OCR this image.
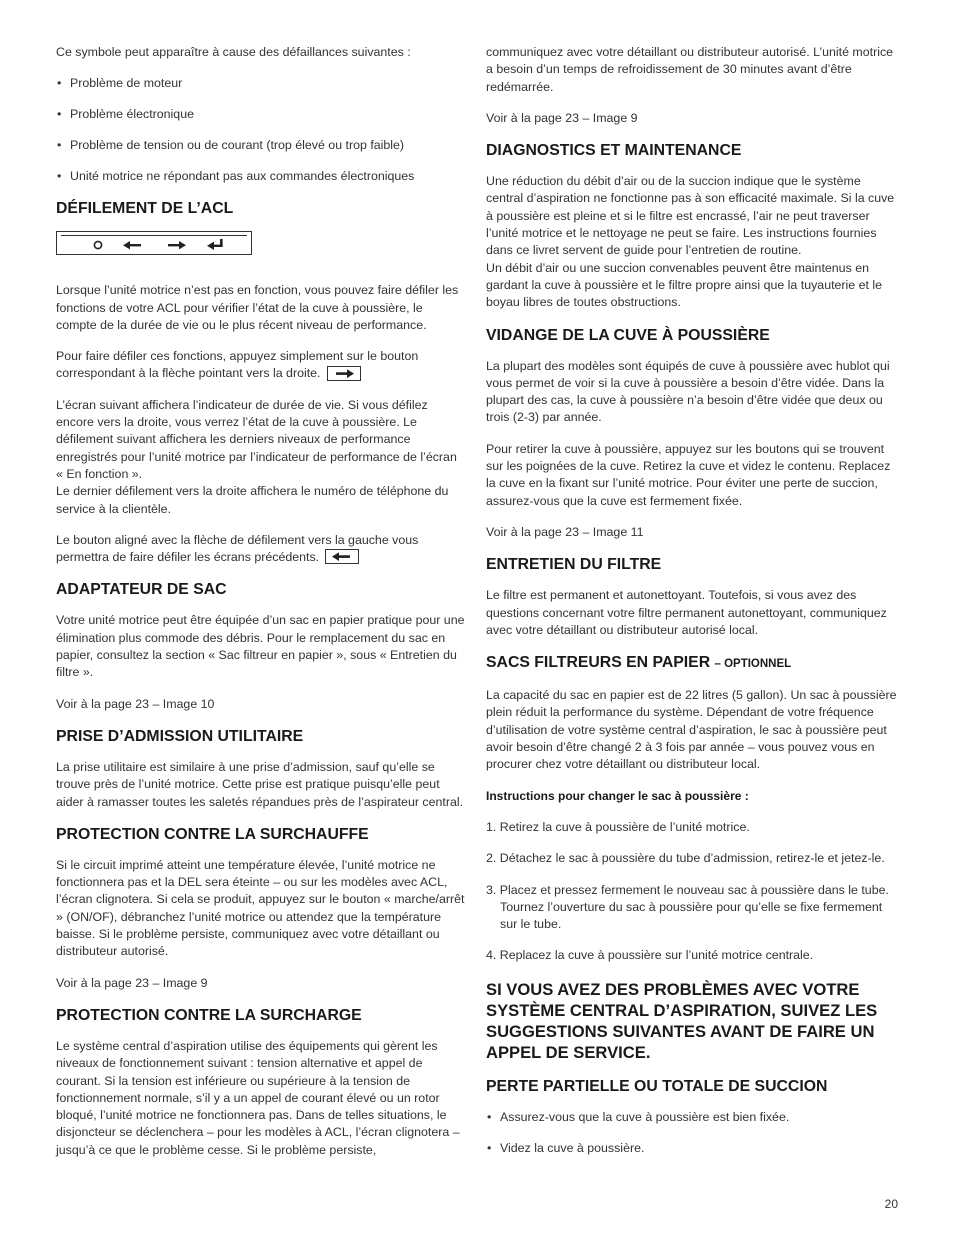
Ce symbole peut apparaître à cause des défaillances suivantes :

• Problème de moteur
• Problème électronique
• Problème de tension ou de courant (trop élevé ou trop faible)
• Unité motrice ne répondant pas aux commandes électroniques
DÉFILEMENT DE L’ACL

Lorsque l’unité motrice n’est pas en fonction, vous pouvez faire défiler les fonctions de votre ACL pour vérifier l’état de la cuve à poussière, le compte de la durée de vie ou le plus récent niveau de performance.

Pour faire défiler ces fonctions, appuyez simplement sur le bouton correspondant à la flèche pointant vers la droite.

L’écran suivant affichera l’indicateur de durée de vie. Si vous défilez encore vers la droite, vous verrez l’état de la cuve à poussière. Le défilement suivant affichera les derniers niveaux de performance enregistrés pour l’unité motrice par l’indicateur de performance de l’écran « En fonction ».
Le dernier défilement vers la droite affichera le numéro de téléphone du service à la clientèle.

Le bouton aligné avec la flèche de défilement vers la gauche vous permettra de faire défiler les écrans précédents.

ADAPTATEUR DE SAC

Votre unité motrice peut être équipée d’un sac en papier pratique pour une élimination plus commode des débris. Pour le remplacement du sac en papier, consultez la section « Sac filtreur en papier », sous « Entretien du filtre ».

Voir à la page 23 – Image 10

PRISE D’ADMISSION UTILITAIRE

La prise utilitaire est similaire à une prise d’admission, sauf qu’elle se trouve près de l’unité motrice. Cette prise est pratique puisqu’elle peut aider à ramasser toutes les saletés répandues près de l’aspirateur central.

PROTECTION CONTRE LA SURCHAUFFE

Si le circuit imprimé atteint une température élevée, l’unité motrice ne fonctionnera pas et la DEL sera éteinte – ou sur les modèles avec ACL, l’écran clignotera. Si cela se produit, appuyez sur le bouton « marche/arrêt » (ON/OF), débranchez l’unité motrice ou attendez que la température baisse. Si le problème persiste, communiquez avec votre détaillant ou distributeur autorisé.

Voir à la page 23 – Image 9

PROTECTION CONTRE LA SURCHARGE

Le système central d’aspiration utilise des équipements qui gèrent les niveaux de fonctionnement suivant : tension alternative et appel de courant. Si la tension est inférieure ou supérieure à la tension de fonctionnement normale, s’il y a un appel de courant élevé ou un rotor bloqué, l’unité motrice ne fonctionnera pas. Dans de telles situations, le disjoncteur se déclenchera – pour les modèles à ACL, l’écran clignotera – jusqu’à ce que le problème cesse. Si le problème persiste,

communiquez avec votre détaillant ou distributeur autorisé. L’unité motrice a besoin d’un temps de refroidissement de 30 minutes avant d’être redémarrée.

Voir à la page 23 – Image 9

DIAGNOSTICS ET MAINTENANCE

Une réduction du débit d’air ou de la succion indique que le système central d’aspiration ne fonctionne pas à son efficacité maximale. Si la cuve à poussière est pleine et si le filtre est encrassé, l’air ne peut traverser l’unité motrice et le nettoyage ne peut se faire. Les instructions fournies dans ce livret servent de guide pour l’entretien de routine.
Un débit d’air ou une succion convenables peuvent être maintenus en gardant la cuve à poussière et le filtre propre ainsi que la tuyauterie et le boyau libres de toutes obstructions.

VIDANGE DE LA CUVE À POUSSIÈRE

La plupart des modèles sont équipés de cuve à poussière avec hublot qui vous permet de voir si la cuve à poussière a besoin d’être vidée. Dans la plupart des cas, la cuve à poussière n’a besoin d’être vidée que deux ou trois (2-3) par année.

Pour retirer la cuve à poussière, appuyez sur les boutons qui se trouvent sur les poignées de la cuve. Retirez la cuve et videz le contenu. Replacez la cuve en la fixant sur l’unité motrice. Pour éviter une perte de succion, assurez-vous que la cuve est fermement fixée.

Voir à la page 23 – Image 11

ENTRETIEN DU FILTRE

Le filtre est permanent et autonettoyant. Toutefois, si vous avez des questions concernant votre filtre permanent autonettoyant, communiquez avec votre détaillant ou distributeur autorisé local.

SACS FILTREURS EN PAPIER – OPTIONNEL

La capacité du sac en papier est de 22 litres (5 gallon). Un sac à poussière plein réduit la performance du système. Dépendant de votre fréquence d’utilisation de votre système central d’aspiration, le sac à poussière peut avoir besoin d’être changé 2 à 3 fois par année – vous pouvez vous en procurer chez votre détaillant ou distributeur local.

Instructions pour changer le sac à poussière :

1. Retirez la cuve à poussière de l’unité motrice.

2. Détachez le sac à poussière du tube d’admission, retirez-le et jetez-le.

3. Placez et pressez fermement le nouveau sac à poussière dans le tube. Tournez l’ouverture du sac à poussière pour qu’elle se fixe fermement sur le tube.

4. Replacez la cuve à poussière sur l’unité motrice centrale.

SI VOUS AVEZ DES PROBLÈMES AVEC VOTRE SYSTÈME CENTRAL D’ASPIRATION, SUIVEZ LES SUGGESTIONS SUIVANTES AVANT DE FAIRE UN APPEL DE SERVICE.
PERTE PARTIELLE OU TOTALE DE SUCCION
• Assurez-vous que la cuve à poussière est bien fixée.
• Videz la cuve à poussière.
20
